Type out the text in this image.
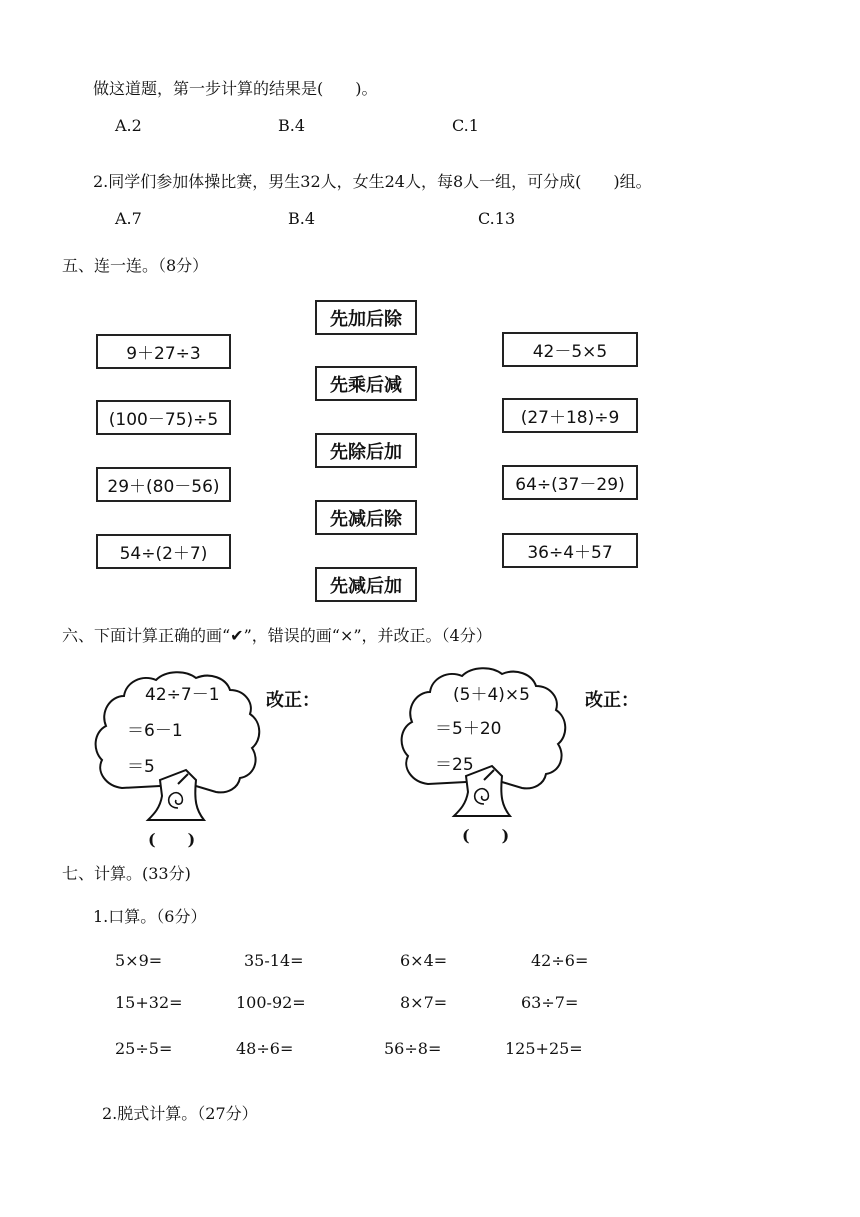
做这道题，第一步计算的结果是(　　)。
A.2	B.4	C.1
2.同学们参加体操比赛，男生32人，女生24人，每8人一组，可分成(　　)组。
A.7	B.4	C.13
五、连一连。（8分）
9＋27÷3
(100－75)÷5
29＋(80－56)
54÷(2＋7)
先加后除
先乘后减
先除后加
先减后除
先减后加
42－5×5
(27＋18)÷9
64÷(37－29)
36÷4＋57
六、下面计算正确的画“✔”，错误的画“×”，并改正。（4分）
42÷7－1
＝6－1
＝5
改正：
(　　)
(5＋4)×5
＝5＋20
＝25
改正：
(　　)
七、计算。(33分)
1.口算。（6分）
5×9=	35-14=	6×4=	42÷6=
15+32=	100-92=	8×7=	63÷7=
25÷5=	48÷6=	56÷8=	125+25=
2.脱式计算。（27分）
